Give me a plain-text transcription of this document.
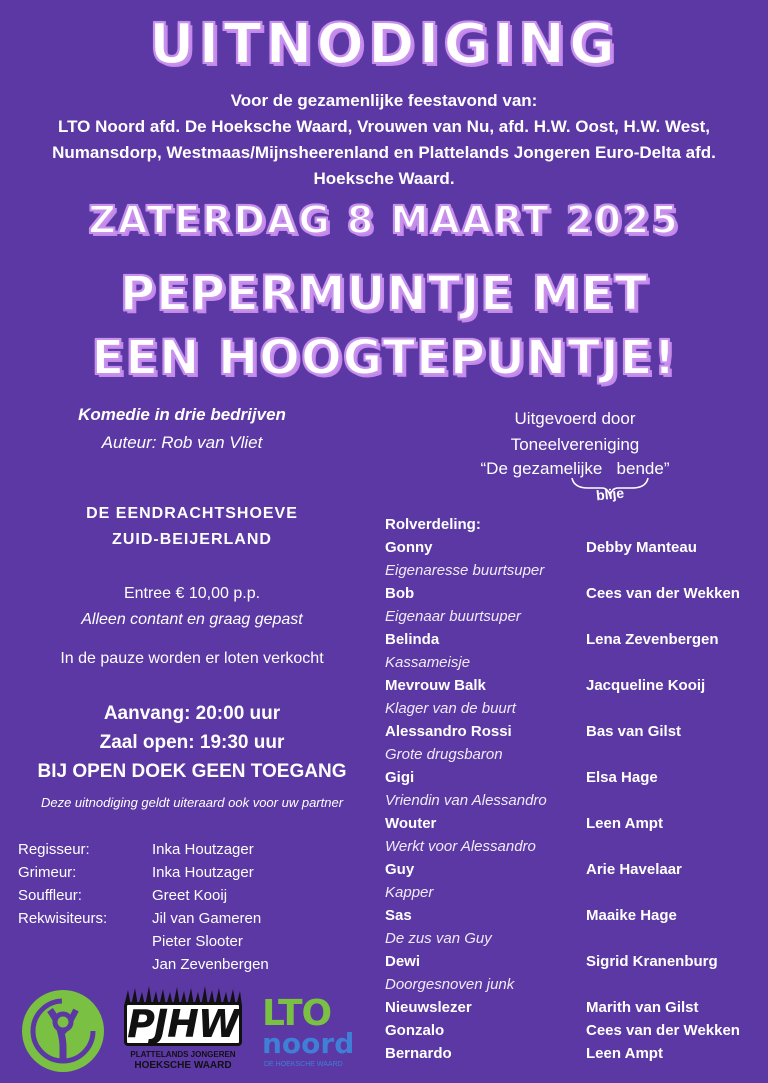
UITNODIGING
Voor de gezamenlijke feestavond van:
LTO Noord afd. De Hoeksche Waard, Vrouwen van Nu, afd. H.W. Oost, H.W. West,
Numansdorp, Westmaas/Mijnsheerenland en Plattelands Jongeren Euro-Delta afd.
Hoeksche Waard.
ZATERDAG 8 MAART 2025
PEPERMUNTJE MET
EEN HOOGTEPUNTJE!
Komedie in drie bedrijven
Auteur: Rob van Vliet
Uitgevoerd door
Toneelvereniging
“De gezamelijke   bende”
blije
DE EENDRACHTSHOEVE
ZUID-BEIJERLAND
Entree € 10,00 p.p.
Alleen contant en graag gepast
In de pauze worden er loten verkocht
Aanvang: 20:00 uur
Zaal open: 19:30 uur
BIJ OPEN DOEK GEEN TOEGANG
Deze uitnodiging geldt uiteraard ook voor uw partner
Regisseur:	Inka Houtzager
Grimeur:	Inka Houtzager
Souffleur:	Greet Kooij
Rekwisiteurs:	Jil van Gameren
Pieter Slooter
Jan Zevenbergen
Rolverdeling:
Gonny	Debby Manteau
Eigenaresse buurtsuper
Bob	Cees van der Wekken
Eigenaar buurtsuper
Belinda	Lena Zevenbergen
Kassameisje
Mevrouw Balk	Jacqueline Kooij
Klager van de buurt
Alessandro Rossi	Bas van Gilst
Grote drugsbaron
Gigi	Elsa Hage
Vriendin van Alessandro
Wouter	Leen Ampt
Werkt voor Alessandro
Guy	Arie Havelaar
Kapper
Sas	Maaike Hage
De zus van Guy
Dewi	Sigrid Kranenburg
Doorgesnoven junk
Nieuwslezer	Marith van Gilst
Gonzalo	Cees van der Wekken
Bernardo	Leen Ampt
PJHW
PLATTELANDS JONGEREN
HOEKSCHE WAARD
LTO
noord
DE HOEKSCHE WAARD
